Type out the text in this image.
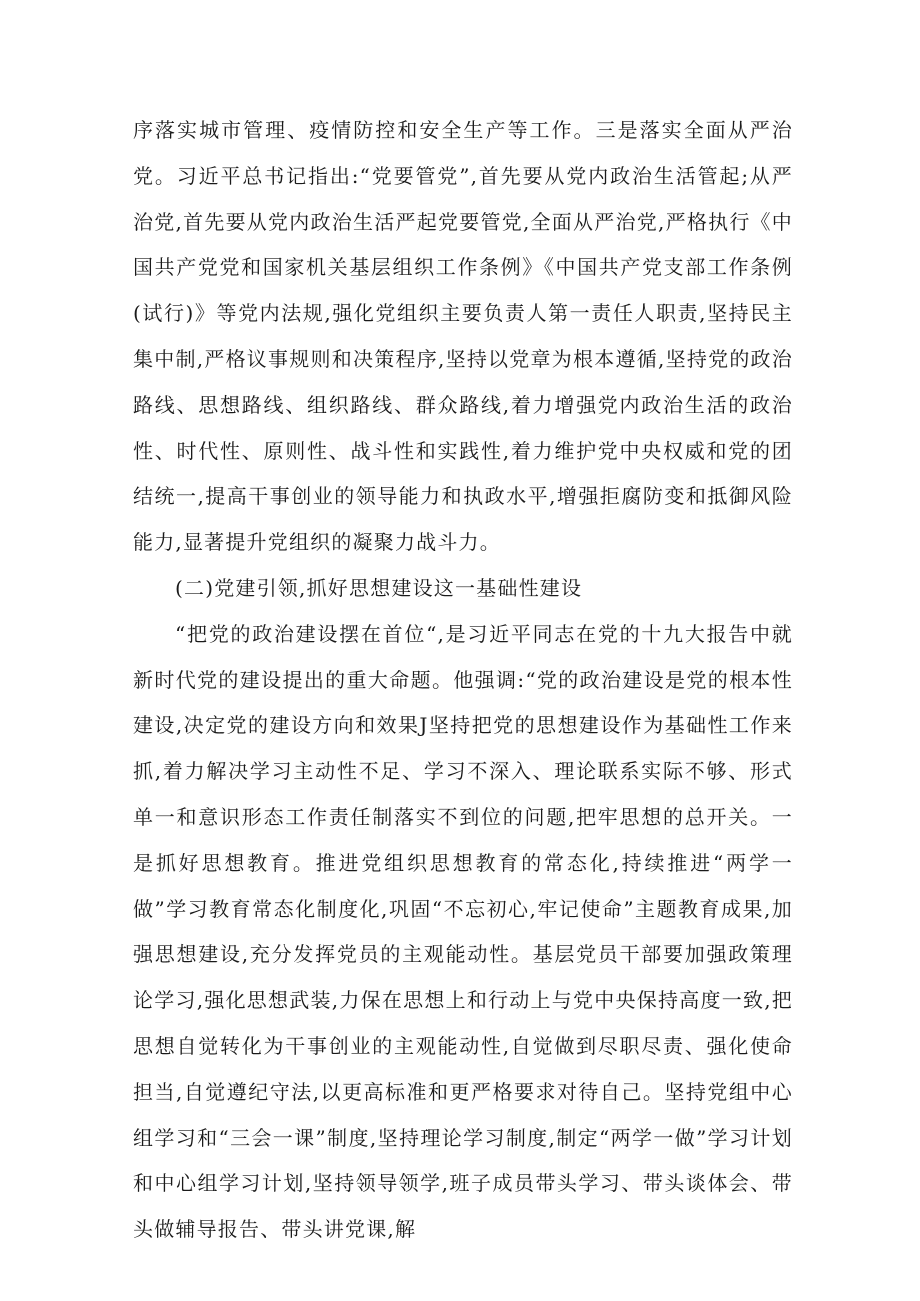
序落实城市管理、疫情防控和安全生产等工作。三是落实全面从严治党。习近平总书记指出:“党要管党”,首先要从党内政治生活管起;从严治党,首先要从党内政治生活严起党要管党,全面从严治党,严格执行《中国共产党党和国家机关基层组织工作条例》《中国共产党支部工作条例(试行)》等党内法规,强化党组织主要负责人第一责任人职责,坚持民主集中制,严格议事规则和决策程序,坚持以党章为根本遵循,坚持党的政治路线、思想路线、组织路线、群众路线,着力增强党内政治生活的政治性、时代性、原则性、战斗性和实践性,着力维护党中央权威和党的团结统一,提高干事创业的领导能力和执政水平,增强拒腐防变和抵御风险能力,显著提升党组织的凝聚力战斗力。

(二)党建引领,抓好思想建设这一基础性建设

“把党的政治建设摆在首位“,是习近平同志在党的十九大报告中就新时代党的建设提出的重大命题。他强调:“党的政治建设是党的根本性建设,决定党的建设方向和效果J坚持把党的思想建设作为基础性工作来抓,着力解决学习主动性不足、学习不深入、理论联系实际不够、形式单一和意识形态工作责任制落实不到位的问题,把牢思想的总开关。一是抓好思想教育。推进党组织思想教育的常态化,持续推进“两学一做”学习教育常态化制度化,巩固“不忘初心,牢记使命”主题教育成果,加强思想建设,充分发挥党员的主观能动性。基层党员干部要加强政策理论学习,强化思想武装,力保在思想上和行动上与党中央保持高度一致,把思想自觉转化为干事创业的主观能动性,自觉做到尽职尽责、强化使命担当,自觉遵纪守法,以更高标准和更严格要求对待自己。坚持党组中心组学习和“三会一课”制度,坚持理论学习制度,制定“两学一做”学习计划和中心组学习计划,坚持领导领学,班子成员带头学习、带头谈体会、带头做辅导报告、带头讲党课,解
